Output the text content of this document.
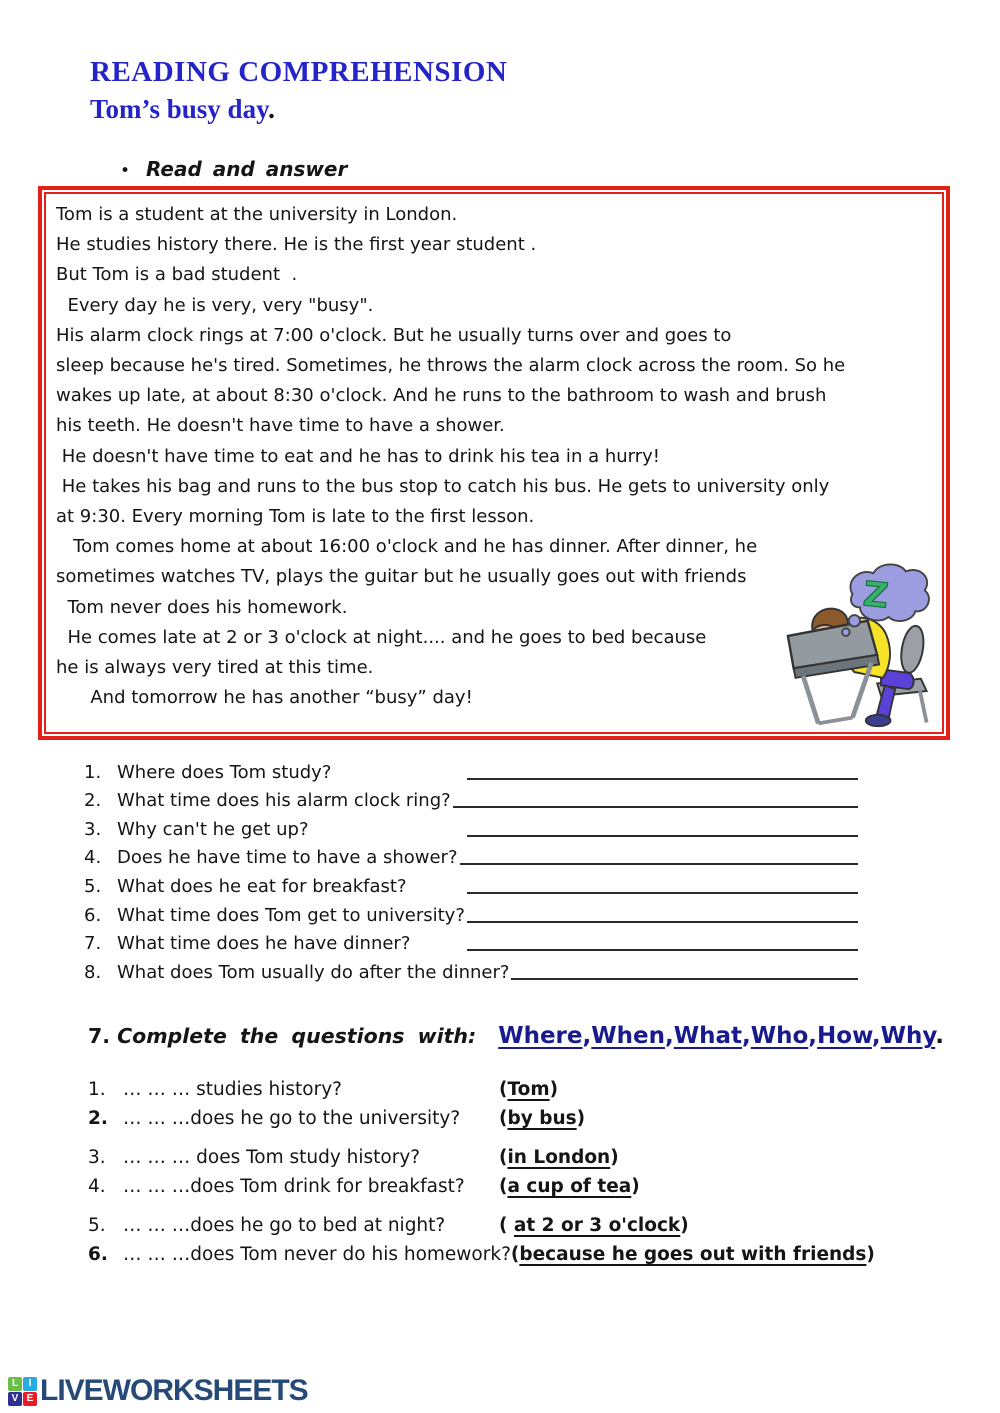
READING COMPREHENSION
Tom’s busy day.
• Read and answer
Tom is a student at the university in London.
He studies history there. He is the first year student .
But Tom is a bad student  .
Every day he is very, very "busy".
His alarm clock rings at 7:00 o'clock. But he usually turns over and goes to
sleep because he's tired. Sometimes, he throws the alarm clock across the room. So he
wakes up late, at about 8:30 o'clock. And he runs to the bathroom to wash and brush
his teeth. He doesn't have time to have a shower.
He doesn't have time to eat and he has to drink his tea in a hurry!
He takes his bag and runs to the bus stop to catch his bus. He gets to university only
at 9:30. Every morning Tom is late to the first lesson.
Tom comes home at about 16:00 o'clock and he has dinner. After dinner, he
sometimes watches TV, plays the guitar but he usually goes out with friends
Tom never does his homework.
He comes late at 2 or 3 o'clock at night.... and he goes to bed because
he is always very tired at this time.
And tomorrow he has another “busy” day!
Z
1. Where does Tom study?
2. What time does his alarm clock ring?
3. Why can't he get up?
4. Does he have time to have a shower?
5. What does he eat for breakfast?
6. What time does Tom get to university?
7. What time does he have dinner?
8. What does Tom usually do after the dinner?
7. Complete the questions with: Where,When,What,Who,How,Why.
1. … … … studies history?	(Tom)
2. … … …does he go to the university?	(by bus)
3. … … … does Tom study history?	(in London)
4. … … …does Tom drink for breakfast?	(a cup of tea)
5. … … …does he go to bed at night?	( at 2 or 3 o'clock)
6. … … …does Tom never do his homework? (because he goes out with friends)
L	I
V E LIVEWORKSHEETS
